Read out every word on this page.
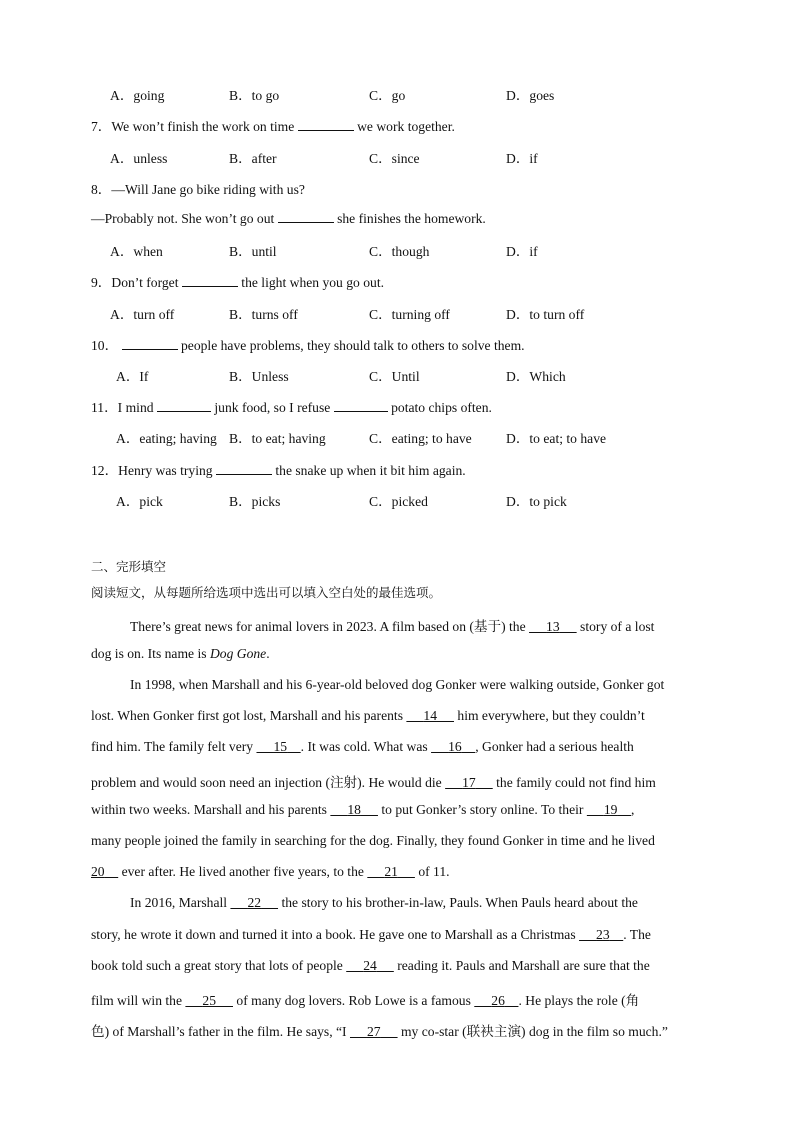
A．going	B．to go	C．go	D．goes
7．We won’t finish the work on time	we work together.
A．unless	B．after	C．since	D．if
8．—Will Jane go bike riding with us?
—Probably not. She won’t go out	she finishes the homework.
A．when	B．until	C．though	D．if
9．Don’t forget	the light when you go out.
A．turn off	B．turns off	C．turning off	D．to turn off
10．	people have problems, they should talk to others to solve them.
A．If	B．Unless	C．Until	D．Which
11．I mind	junk food, so I refuse	potato chips often.
A．eating; having B．to eat; having	C．eating; to have	D．to eat; to have
12．Henry was trying	the snake up when it bit him again.
A．pick	B．picks	C．picked	D．to pick
二、完形填空
阅读短文，从每题所给选项中选出可以填入空白处的最佳选项。
There’s great news for animal lovers in 2023. A film based on (基于) the 13 story of a lost
dog is on. Its name is Dog Gone.
In 1998, when Marshall and his 6-year-old beloved dog Gonker were walking outside, Gonker got
lost. When Gonker first got lost, Marshall and his parents 14 him everywhere, but they couldn’t
find him. The family felt very 15 . It was cold. What was 16 , Gonker had a serious health
problem and would soon need an injection (注射). He would die 17 the family could not find him
within two weeks. Marshall and his parents 18 to put Gonker’s story online. To their 19 ,
many people joined the family in searching for the dog. Finally, they found Gonker in time and he lived
20 ever after. He lived another five years, to the 21 of 11.
In 2016, Marshall 22 the story to his brother-in-law, Pauls. When Pauls heard about the
story, he wrote it down and turned it into a book. He gave one to Marshall as a Christmas 23 . The
book told such a great story that lots of people 24 reading it. Pauls and Marshall are sure that the
film will win the 25 of many dog lovers. Rob Lowe is a famous 26 . He plays the role (角
色) of Marshall’s father in the film. He says, “I 27 my co-star (联袂主演) dog in the film so much.”
